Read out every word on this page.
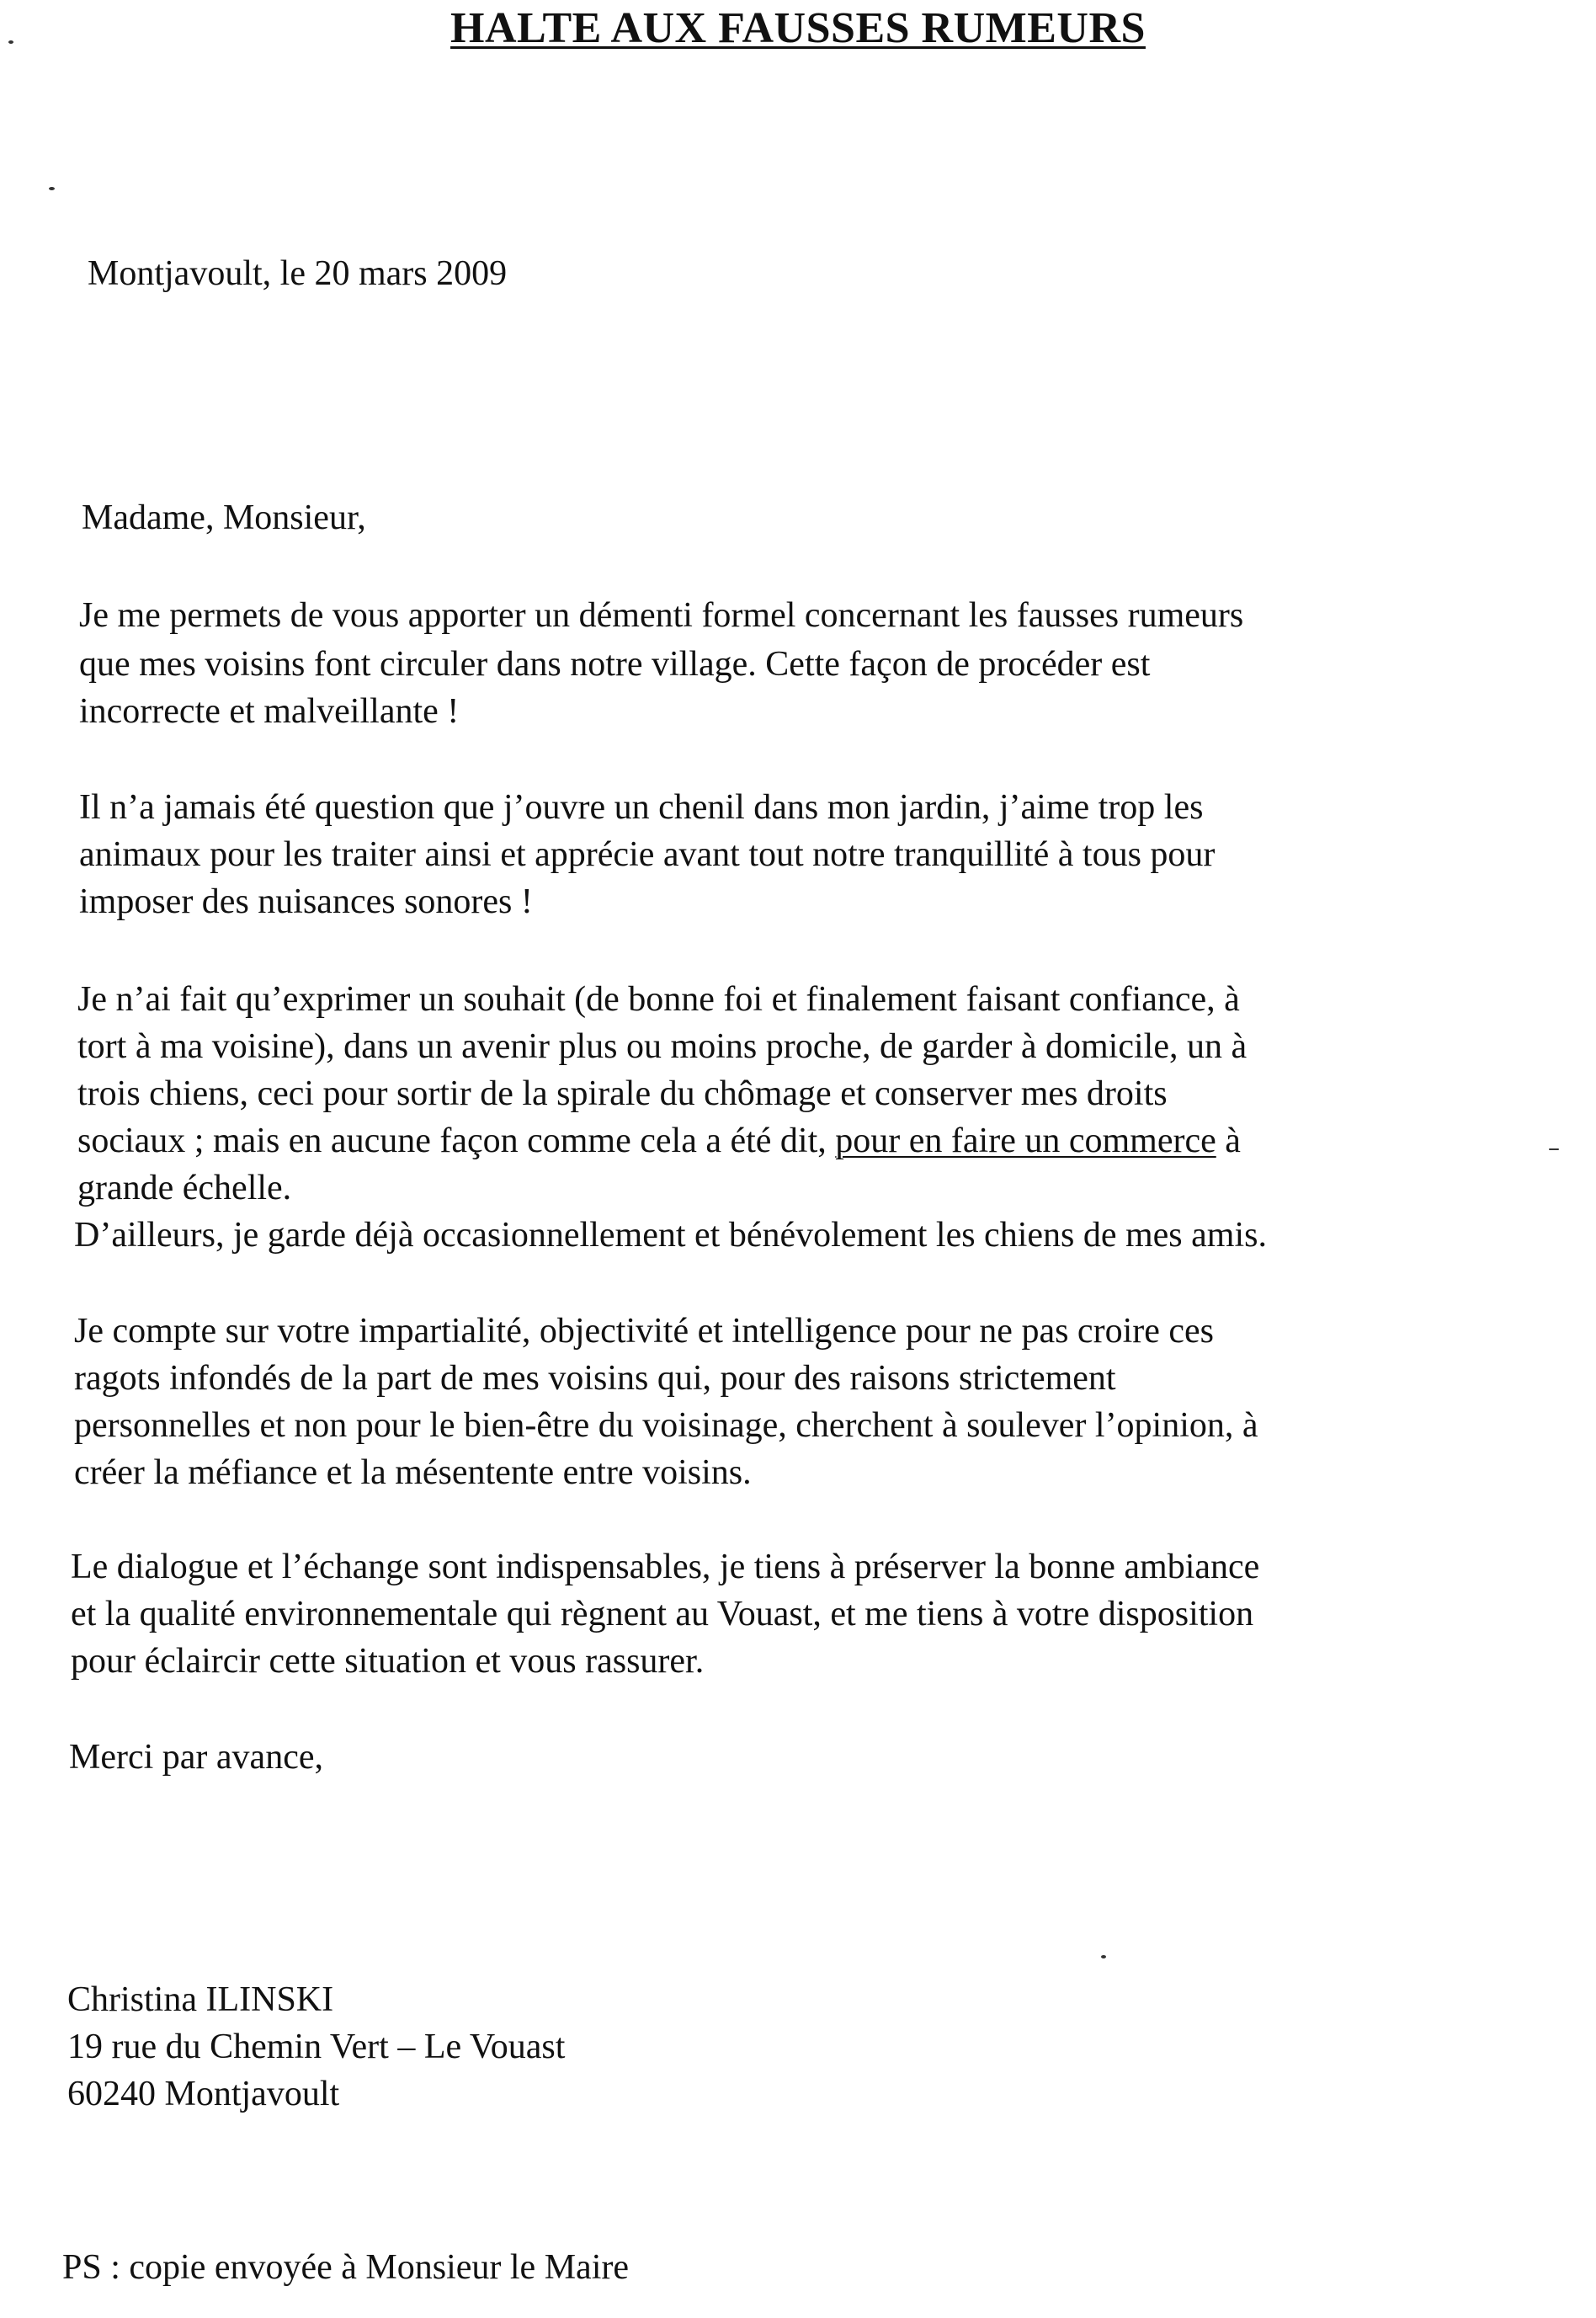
HALTE AUX FAUSSES RUMEURS
Montjavoult, le 20 mars 2009
Madame, Monsieur,
Je me permets de vous apporter un démenti formel concernant les fausses rumeurs
que mes voisins font circuler dans notre village. Cette façon de procéder est
incorrecte et malveillante !
Il n’a jamais été question que j’ouvre un chenil dans mon jardin, j’aime trop les
animaux pour les traiter ainsi et apprécie avant tout notre tranquillité à tous pour
imposer des nuisances sonores !
Je n’ai fait qu’exprimer un souhait (de bonne foi et finalement faisant confiance, à
tort à ma voisine), dans un avenir plus ou moins proche, de garder à domicile, un à
trois chiens, ceci pour sortir de la spirale du chômage et conserver mes droits
sociaux ; mais en aucune façon comme cela a été dit, pour en faire un commerce à
grande échelle.
D’ailleurs, je garde déjà occasionnellement et bénévolement les chiens de mes amis.
Je compte sur votre impartialité, objectivité et intelligence pour ne pas croire ces
ragots infondés de la part de mes voisins qui, pour des raisons strictement
personnelles et non pour le bien-être du voisinage, cherchent à soulever l’opinion, à
créer la méfiance et la mésentente entre voisins.
Le dialogue et l’échange sont indispensables, je tiens à préserver la bonne ambiance
et la qualité environnementale qui règnent au Vouast, et me tiens à votre disposition
pour éclaircir cette situation et vous rassurer.
Merci par avance,
Christina ILINSKI
19 rue du Chemin Vert – Le Vouast
60240 Montjavoult
PS : copie envoyée à Monsieur le Maire
